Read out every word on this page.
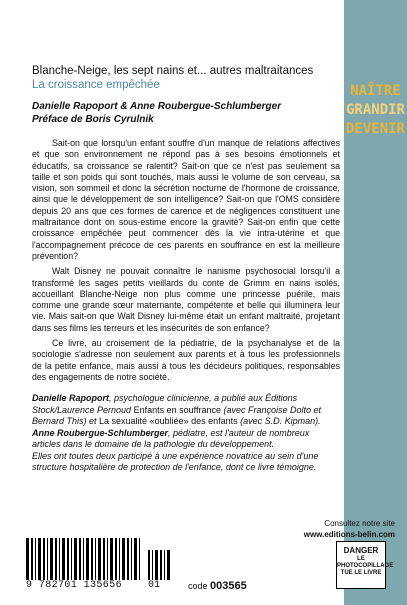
NAÎTRE
GRANDIR
DEVENIR

Blanche-Neige, les sept nains et... autres maltraitances

La croissance empêchée

Danielle Rapoport & Anne Roubergue-Schlumberger

Préface de Boris Cyrulnik

Sait-on que lorsqu'un enfant souffre d'un manque de relations affectives et que son environnement ne répond pas à ses besoins émotionnels et éducatifs, sa croissance se ralentit? Sait-on que ce n'est pas seulement sa taille et son poids qui sont touchés, mais aussi le volume de son cerveau, sa vision, son sommeil et donc la sécrétion nocturne de l'hormone de croissance, ainsi que le développement de son intelligence? Sait-on que l'OMS considère depuis 20 ans que ces formes de carence et de négligences constituent une maltraitance dont on sous-estime encore la gravité? Sait-on enfin que cette croissance empêchée peut commencer dès la vie intra-utérine et que l'accompagnement précoce de ces parents en souffrance en est la meilleure prévention?

Walt Disney ne pouvait connaître le nanisme psychosocial lorsqu'il a transformé les sages petits vieillards du conte de Grimm en nains isolés, accueillant Blanche-Neige non plus comme une princesse puérile, mais comme une grande sœur maternante, compétente et belle qui illuminera leur vie. Mais sait-on que Walt Disney lui-même était un enfant maltraité, projetant dans ses films les terreurs et les insécurités de son enfance?

Ce livre, au croisement de la pédiatrie, de la psychanalyse et de la sociologie s'adresse non seulement aux parents et à tous les professionnels de la petite enfance, mais aussi à tous les décideurs politiques, responsables des engagements de notre société.

Danielle Rapoport, psychologue clinicienne, a publié aux Éditions Stock/Laurence Pernoud Enfants en souffrance (avec Françoise Dolto et Bernard This) et La sexualité «oubliée» des enfants (avec S.D. Kipman).

Anne Roubergue-Schlumberger, pédiatre, est l'auteur de nombreux articles dans le domaine de la pathologie du développement.

Elles ont toutes deux participé à une expérience novatrice au sein d'une structure hospitalière de protection de l'enfance, dont ce livre témoigne.

Consultez notre site
www.editions-belin.com
9 782701 135656	01	code 003565
DANGER
LE
PHOTOCOPILLAGE
TUE LE LIVRE
